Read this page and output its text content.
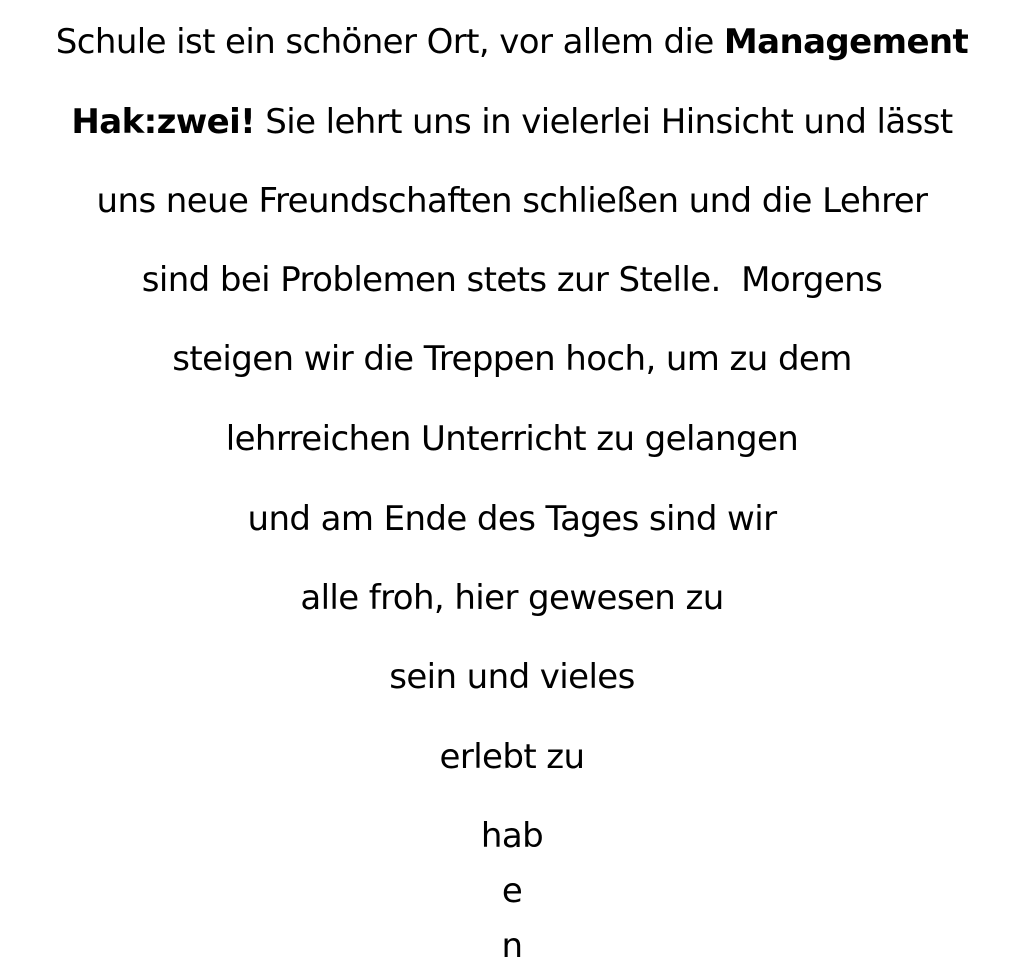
Schule ist ein schöner Ort, vor allem die Management
Hak:zwei! Sie lehrt uns in vielerlei Hinsicht und lässt
uns neue Freundschaften schließen und die Lehrer
sind bei Problemen stets zur Stelle.  Morgens
steigen wir die Treppen hoch, um zu dem
lehrreichen Unterricht zu gelangen
und am Ende des Tages sind wir
alle froh, hier gewesen zu
sein und vieles
erlebt zu
hab
e
n
